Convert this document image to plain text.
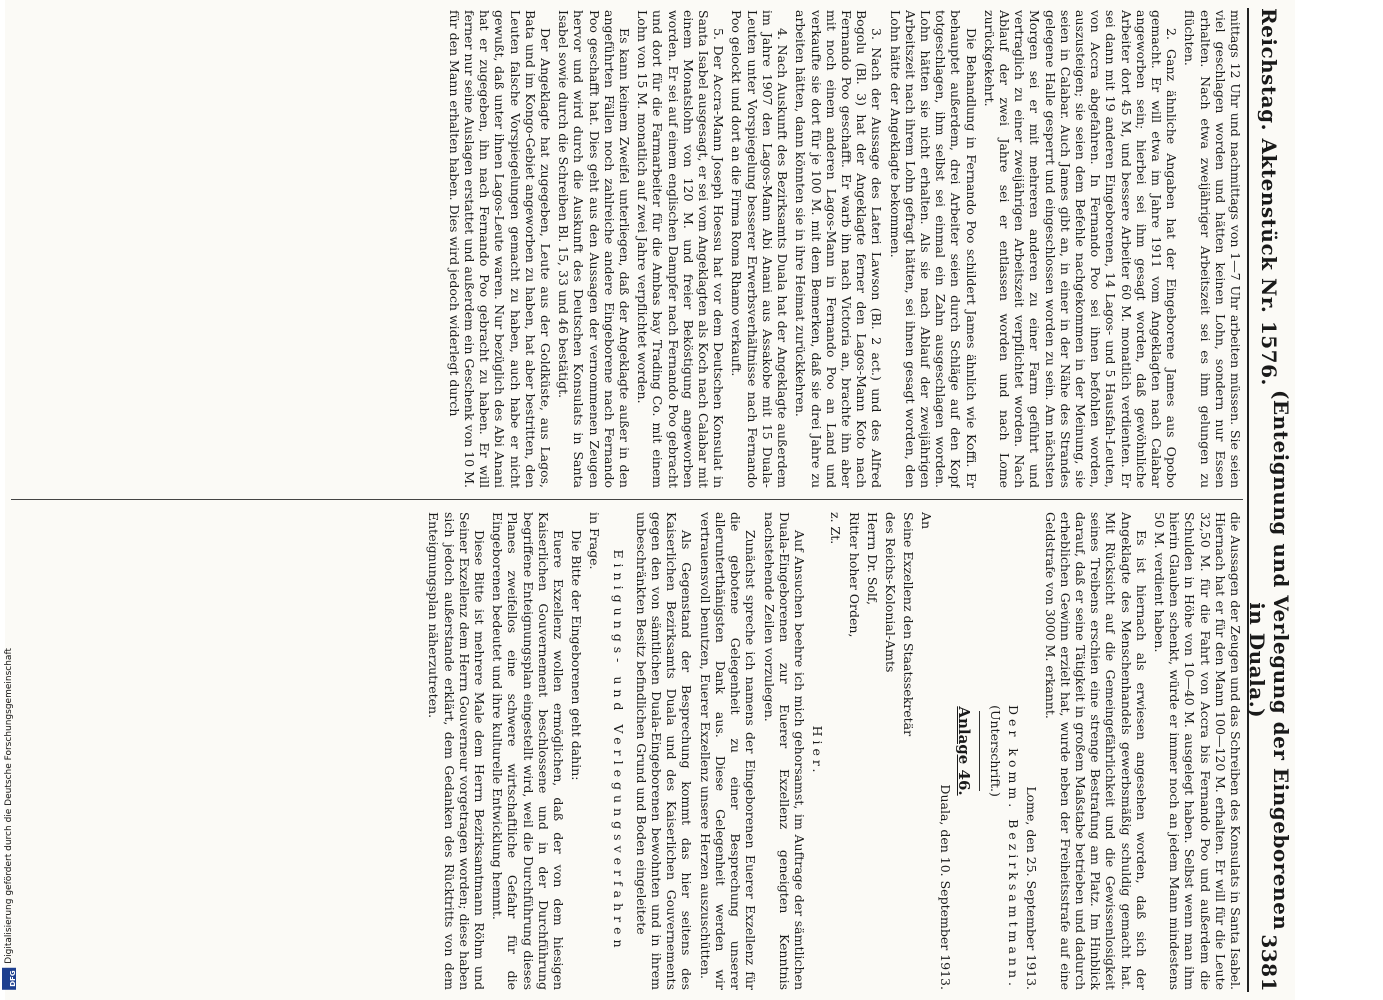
Reichstag. Aktenstück Nr. 1576.
(Enteignung und Verlegung der Eingeborenen in Duala.)
3381

mittags 12 Uhr und nachmittags von 1—7 Uhr arbeiten müssen. Sie seien viel geschlagen worden und hätten keinen Lohn, sondern nur Essen erhalten. Nach etwa zweijähriger Arbeitszeit sei es ihm gelungen zu flüchten.

2. Ganz ähnliche Angaben hat der Eingeborene James aus Opobo gemacht. Er will etwa im Jahre 1911 vom Angeklagten nach Calabar angeworben sein; hierbei sei ihm gesagt worden, daß gewöhnliche Arbeiter dort 45 M, und bessere Arbeiter 60 M. monatlich verdienten. Er sei dann mit 19 anderen Eingeborenen, 14 Lagos- und 5 Hausfah-Leuten, von Accra abgefahren. In Fernando Poo sei ihnen befohlen worden, auszusteigen; sie seien dem Befehle nachgekommen in der Meinung, sie seien in Calabar. Auch James gibt an, in einer in der Nähe des Strandes gelegene Halle gesperrt und eingeschlossen worden zu sein. Am nächsten Morgen sei er mit mehreren anderen zu einer Farm geführt und vertraglich zu einer zweijährigen Arbeitszeit verpflichtet worden. Nach Ablauf der zwei Jahre sei er entlassen worden und nach Lome zurückgekehrt.

Die Behandlung in Fernando Poo schildert James ähnlich wie Koffi. Er behauptet außerdem, drei Arbeiter seien durch Schläge auf den Kopf totgeschlagen, ihm selbst sei einmal ein Zahn ausgeschlagen worden. Lohn hätten sie nicht erhalten. Als sie nach Ablauf der zweijährigen Arbeitszeit nach ihrem Lohn gefragt hätten, sei ihnen gesagt worden, den Lohn hätte der Angeklagte bekommen.

3. Nach der Aussage des Lateri Lawson (Bl. 2 act.) und des Alfred Bogolu (Bl. 3) hat der Angeklagte ferner den Lagos-Mann Koto nach Fernando Poo geschafft. Er warb ihn nach Victoria an, brachte ihn aber mit noch einem anderen Lagos-Mann in Fernando Poo an Land und verkaufte sie dort für je 100 M. mit dem Bemerken, daß sie drei Jahre zu arbeiten hätten, dann könnten sie in ihre Heimat zurückkehren.

4. Nach Auskunft des Bezirksamts Duala hat der Angeklagte außerdem im Jahre 1907 den Lagos-Mann Abi Anani aus Assakobe mit 15 Duala-Leuten unter Vorspiegelung besserer Erwerbsverhältnisse nach Fernando Poo gelockt und dort an die Firma Roma Rhamo verkauft.

5. Der Accra-Mann Joseph Hoessu hat vor dem Deutschen Konsulat in Santa Isabel ausgesagt, er sei vom Angeklagten als Koch nach Calabar mit einem Monatslohn von 120 M. und freier Beköstigung angeworben worden. Er sei auf einem englischen Dampfer nach Fernando Poo gebracht und dort für die Farmarbeiter für die Ambas bay Trading Co. mit einem Lohn von 15 M. monatlich auf zwei Jahre verpflichtet worden.

Es kann keinem Zweifel unterliegen, daß der Angeklagte außer in den angeführten Fällen noch zahlreiche andere Eingeborene nach Fernando Poo geschafft hat. Dies geht aus den Aussagen der vernommenen Zeugen hervor und wird durch die Auskunft des Deutschen Konsulats in Santa Isabel sowie durch die Schreiben Bl. 15, 33 und 46 bestätigt.

Der Angeklagte hat zugegeben, Leute aus der Goldküste, aus Lagos, Bata und im Kongo-Gebiet angeworben zu haben, hat aber bestritten, den Leuten falsche Vorspiegelungen gemacht zu haben, auch habe er nicht gewußt, daß unter ihnen Lagos-Leute waren. Nur bezüglich des Abi Anani hat er zugegeben, ihn nach Fernando Poo gebracht zu haben. Er will ferner nur seine Auslagen erstattet und außerdem ein Geschenk von 10 M. für den Mann erhalten haben. Dies wird jedoch widerlegt durch

die Aussagen der Zeugen und das Schreiben des Konsulats in Santa Isabel. Hiernach hat er für den Mann 100—120 M. erhalten. Er will für die Leute 32,50 M. für die Fahrt von Accra bis Fernando Poo und außerdem die Schulden in Höhe von 10—40 M. ausgelegt haben. Selbst wenn man ihm hierin Glauben schenkt, würde er immer noch an jedem Mann mindestens 50 M. verdient haben.

Es ist hiernach als erwiesen angesehen worden, daß sich der Angeklagte des Menschenhandels gewerbsmäßig schuldig gemacht hat. Mit Rücksicht auf die Gemeingefährlichkeit und die Gewissenlosigkeit seines Treibens erschien eine strenge Bestrafung am Platz. Im Hinblick darauf, daß er seine Tätigkeit in großem Maßstabe betrieben und dadurch erheblichen Gewinn erzielt hat, wurde neben der Freiheitsstrafe auf eine Geldstrafe von 3000 M. erkannt.

Lome, den 25. September 1913.

Der komm. Bezirksamtmann.

(Unterschrift.)

Anlage 46.

Duala, den 10. September 1913.

An

Seine Exzellenz den Staatssekretär

des Reichs-Kolonial-Amts

Herrn Dr. Solf,

Ritter hoher Orden,

z. Zt.

Hier.

Auf Ansuchen beehre ich mich gehorsamst, im Auftrage der sämtlichen Duala-Eingeborenen zur Euerer Exzellenz geneigten Kenntnis nachstehende Zeilen vorzulegen.

Zunächst spreche ich namens der Eingeborenen Euerer Exzellenz für die gebotene Gelegenheit zu einer Besprechung unserer allerunterthänigsten Dank aus. Diese Gelegenheit werden wir vertrauensvoll benutzen, Euerer Exzellenz unsere Herzen auszuschütten.

Als Gegenstand der Besprechung kommt das hier seitens des Kaiserlichen Bezirksamts Duala und des Kaiserlichen Gouvernements gegen den von sämtlichen Duala-Eingeborenen bewohnten und in ihrem unbeschränkten Besitz befindlichen Grund und Boden eingeleitete

Einigungs- und Verlegungsverfahren

in Frage.

Die Bitte der Eingeborenen geht dahin:

Euere Exzellenz wollen ermöglichen, daß der von dem hiesigen Kaiserlichen Gouvernement beschlossene und in der Durchführung begriffene Enteignungsplan eingestellt wird, weil die Durchführung dieses Planes zweifellos eine schwere wirtschaftliche Gefahr für die Eingeborenen bedeutet und ihre kulturelle Entwicklung hemmt.

Diese Bitte ist mehrere Male dem Herrn Bezirksamtmann Röhm und Seiner Exzellenz dem Herrn Gouverneur vorgetragen worden; diese haben sich jedoch außerstande erklärt, dem Gedanken des Rücktritts von dem Enteignungsplan näherzutreten.

DFG
Digitalisierung gefördert durch die Deutsche Forschungsgemeinschaft
